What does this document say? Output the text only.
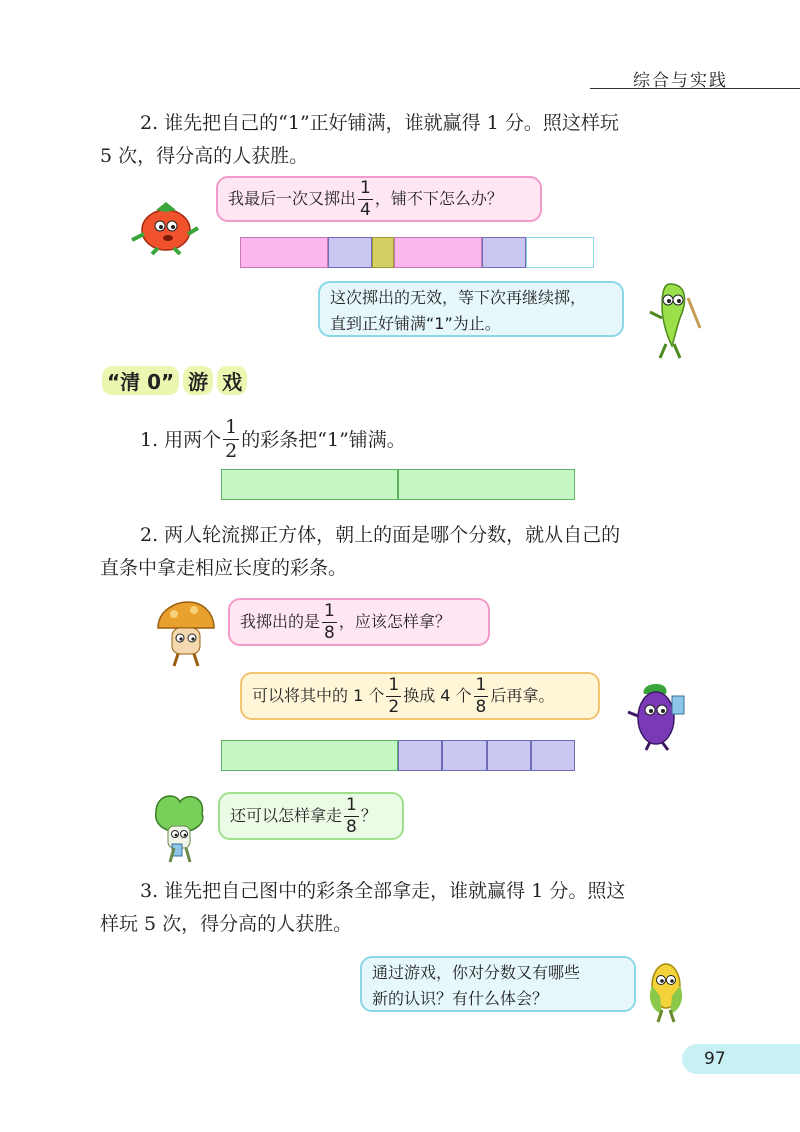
综合与实践
2. 谁先把自己的“1”正好铺满，谁就赢得 1 分。照这样玩
5 次，得分高的人获胜。
我最后一次又掷出 $\frac{1}{4}$ ，铺不下怎么办？
这次掷出的无效，等下次再继续掷，
直到正好铺满“1”为止。
“清 0” 游 戏
1. 用两个 $\frac{1}{2}$ 的彩条把“1”铺满。
2. 两人轮流掷正方体，朝上的面是哪个分数，就从自己的
直条中拿走相应长度的彩条。
我掷出的是 $\frac{1}{8}$ ，应该怎样拿？
可以将其中的 1 个 $\frac{1}{2}$ 换成 4 个 $\frac{1}{8}$ 后再拿。
还可以怎样拿走 $\frac{1}{8}$ ？
3. 谁先把自己图中的彩条全部拿走，谁就赢得 1 分。照这
样玩 5 次，得分高的人获胜。
通过游戏，你对分数又有哪些
新的认识？有什么体会？
97
